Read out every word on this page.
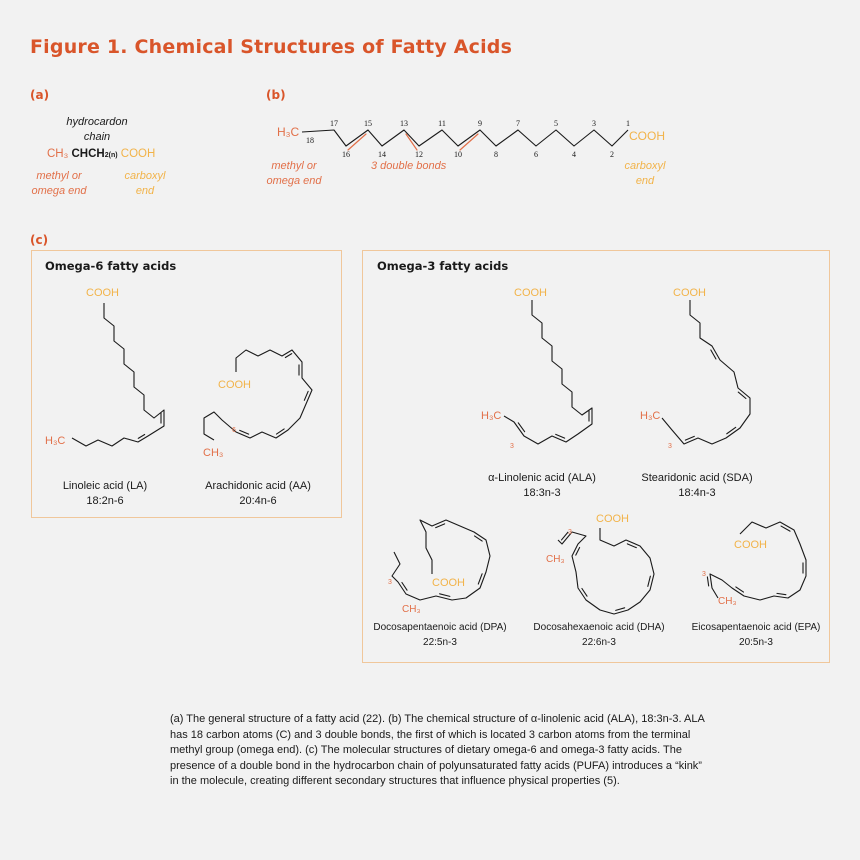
Figure 1. Chemical Structures of Fatty Acids
(a)
hydrocardon
chain
CH₃ CHCH2(n) COOH
methyl or
omega end
carboxyl
end
(b)
H₃C	COOH
methyl or
omega end
3 double bonds	carboxyl
end
(c)
Omega-6 fatty acids	Omega-3 fatty acids
Linoleic acid (LA)
18:2n-6
Arachidonic acid (AA)
20:4n-6
α-Linolenic acid (ALA)
18:3n-3
Stearidonic acid (SDA)
18:4n-3
Docosapentaenoic acid (DPA)
22:5n-3
Docosahexaenoic acid (DHA)
22:6n-3
Eicosapentaenoic acid (EPA)
20:5n-3
(a) The general structure of a fatty acid (22). (b) The chemical structure of α-linolenic acid (ALA), 18:3n-3. ALA has 18 carbon atoms (C) and 3 double bonds, the first of which is located 3 carbon atoms from the terminal methyl group (omega end). (c) The molecular structures of dietary omega-6 and omega-3 fatty acids. The presence of a double bond in the hydrocarbon chain of polyunsaturated fatty acids (PUFA) introduces a “kink” in the molecule, creating different secondary structures that influence physical properties (5).
18
17
16
15
14
13
12
11
10
9
8
7
6
5
4
3
2
1
COOH
H₃C
COOH
CH₃
6
COOH
H₃C
3
COOH
H₃C
3
COOH
CH₃
3
COOH
CH₃
3
COOH
CH₃
3
